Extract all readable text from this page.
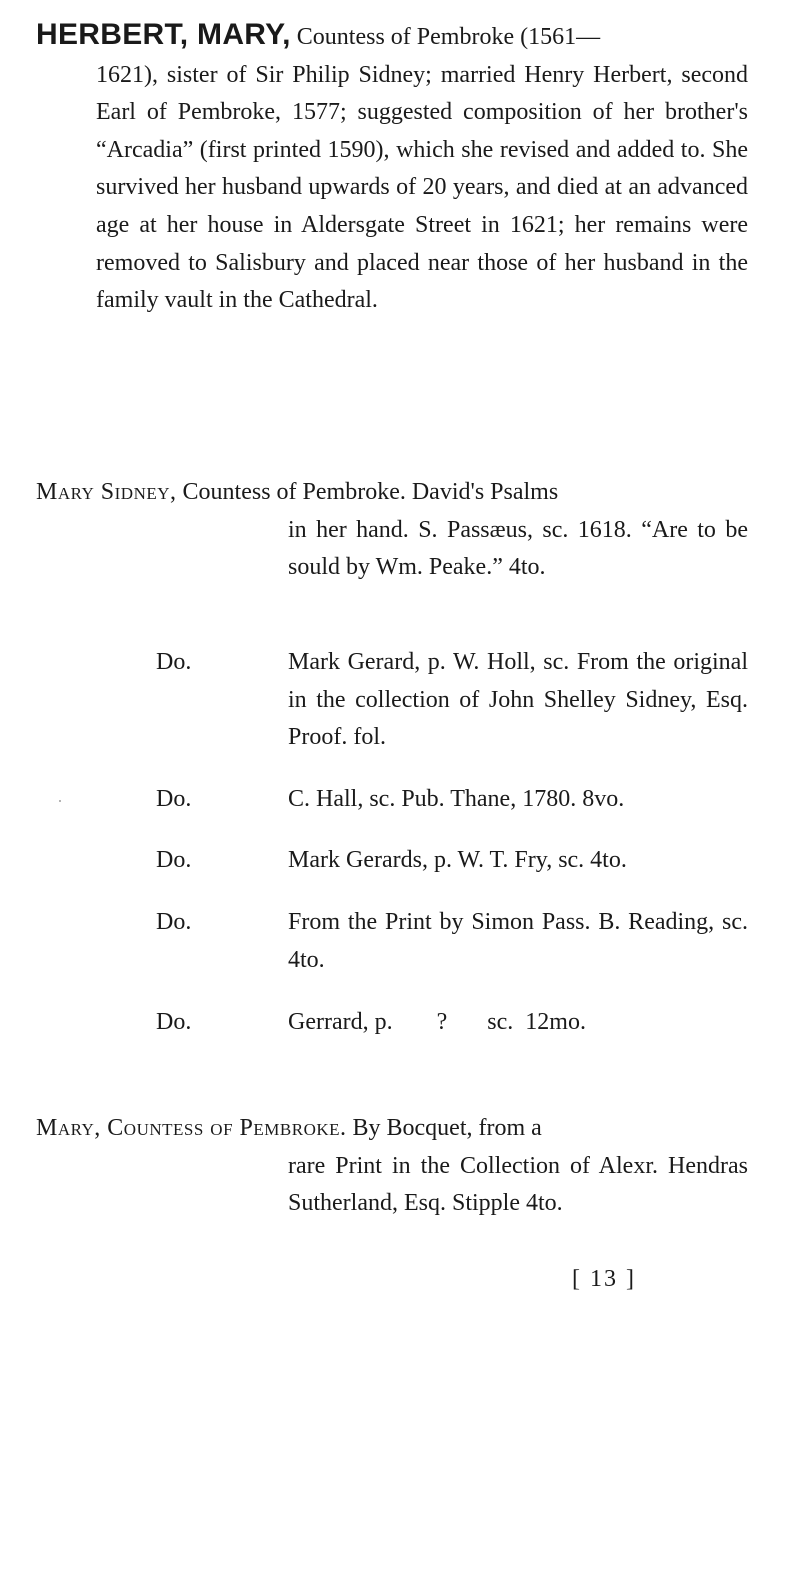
HERBERT, MARY, Countess of Pembroke (1561—

1621), sister of Sir Philip Sidney; married Henry Herbert, second Earl of Pembroke, 1577; suggested composition of her brother's “Arcadia” (first printed 1590), which she revised and added to. She survived her husband upwards of 20 years, and died at an advanced age at her house in Aldersgate Street in 1621; her remains were removed to Salisbury and placed near those of her husband in the family vault in the Cathedral.

Mary Sidney, Countess of Pembroke. David's Psalms

in her hand. S. Passæus, sc. 1618. “Are to be sould by Wm. Peake.” 4to.
Do.	Mark Gerard, p. W. Holl, sc. From the original in the collection of John Shelley Sidney, Esq. Proof. fol.
Do.	C. Hall, sc. Pub. Thane, 1780. 8vo.
Do.	Mark Gerards, p. W. T. Fry, sc. 4to.
Do.	From the Print by Simon Pass. B. Reading, sc. 4to.
Do.	Gerrard, p. ? sc. 12mo.

Mary, Countess of Pembroke. By Bocquet, from a

rare Print in the Collection of Alexr. Hendras Sutherland, Esq. Stipple 4to.
[ 13 ]
